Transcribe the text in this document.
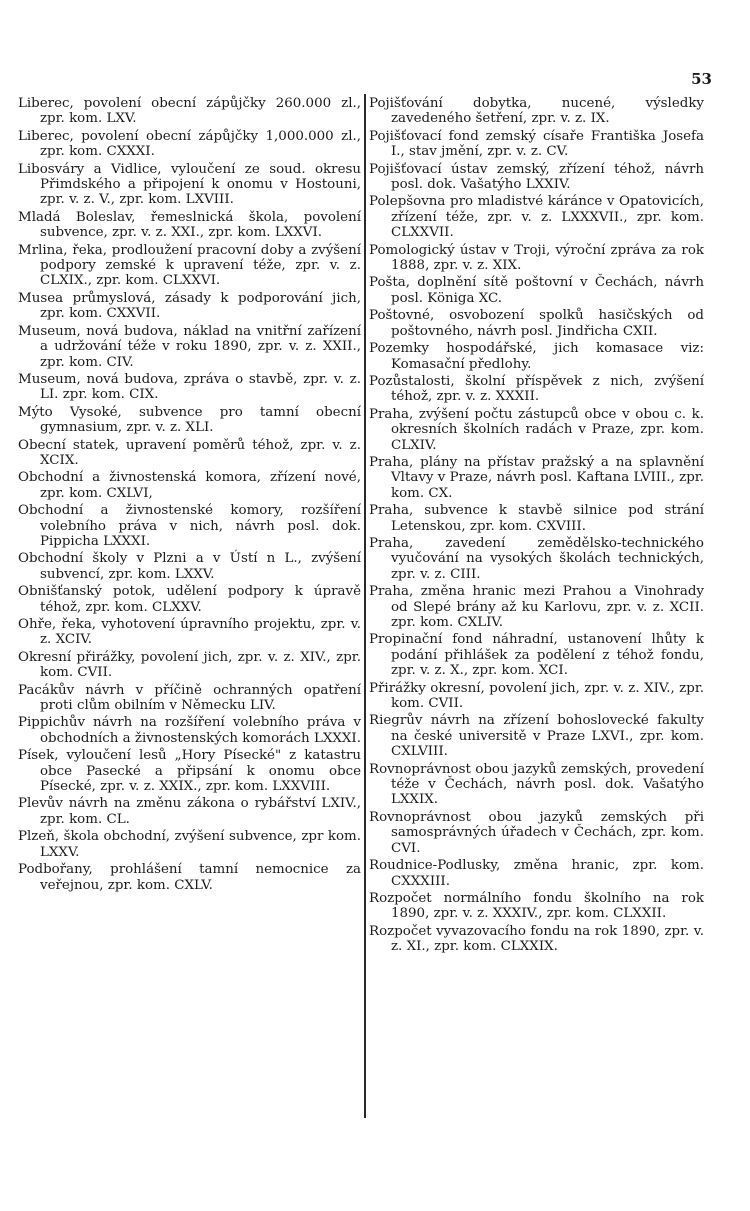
53

Liberec, povolení obecní zápůjčky 260.000 zl., zpr. kom. LXV.

Liberec, povolení obecní zápůjčky 1,000.000 zl., zpr. kom. CXXXI.

Libosváry a Vidlice, vyloučení ze soud. okresu Přimdského a připojení k onomu v Hostouni, zpr. v. z. V., zpr. kom. LXVIII.

Mladá Boleslav, řemeslnická škola, povolení subvence, zpr. v. z. XXI., zpr. kom. LXXVI.

Mrlina, řeka, prodloužení pracovní doby a zvýšení podpory zemské k upravení téže, zpr. v. z. CLXIX., zpr. kom. CLXXVI.

Musea průmyslová, zásady k podporování jich, zpr. kom. CXXVII.

Museum, nová budova, náklad na vnitřní zařízení a udržování téže v roku 1890, zpr. v. z. XXII., zpr. kom. CIV.

Museum, nová budova, zpráva o stavbě, zpr. v. z. LI. zpr. kom. CIX.

Mýto Vysoké, subvence pro tamní obecní gymnasium, zpr. v. z. XLI.

Obecní statek, upravení poměrů téhož, zpr. v. z. XCIX.

Obchodní a živnostenská komora, zřízení nové, zpr. kom. CXLVI,

Obchodní a živnostenské komory, rozšíření volebního práva v nich, návrh posl. dok. Pippicha LXXXI.

Obchodní školy v Plzni a v Ústí n L., zvýšení subvencí, zpr. kom. LXXV.

Obnišťanský potok, udělení podpory k úpravě téhož, zpr. kom. CLXXV.

Ohře, řeka, vyhotovení úpravního projektu, zpr. v. z. XCIV.

Okresní přirážky, povolení jich, zpr. v. z. XIV., zpr. kom. CVII.

Pacákův návrh v příčině ochranných opatření proti clům obilním v Německu LIV.

Pippichův návrh na rozšíření volebního práva v obchodních a živnostenských komorách LXXXI.

Písek, vyloučení lesů „Hory Písecké" z katastru obce Pasecké a připsání k onomu obce Písecké, zpr. v. z. XXIX., zpr. kom. LXXVIII.

Plevův návrh na změnu zákona o rybářství LXIV., zpr. kom. CL.

Plzeň, škola obchodní, zvýšení subvence, zpr kom. LXXV.

Podbořany, prohlášení tamní nemocnice za veřejnou, zpr. kom. CXLV.

Pojišťování dobytka, nucené, výsledky zavedeného šetření, zpr. v. z. IX.

Pojišťovací fond zemský císaře Františka Josefa I., stav jmění, zpr. v. z. CV.

Pojišťovací ústav zemský, zřízení téhož, návrh posl. dok. Vašatýho LXXIV.

Polepšovna pro mladistvé káránce v Opatovicích, zřízení téže, zpr. v. z. LXXXVII., zpr. kom. CLXXVII.

Pomologický ústav v Troji, výroční zpráva za rok 1888, zpr. v. z. XIX.

Pošta, doplnění sítě poštovní v Čechách, návrh posl. Königa XC.

Poštovné, osvobození spolků hasičských od poštovného, návrh posl. Jindřicha CXII.

Pozemky hospodářské, jich komasace viz: Komasační předlohy.

Pozůstalosti, školní příspěvek z nich, zvýšení téhož, zpr. v. z. XXXII.

Praha, zvýšení počtu zástupců obce v obou c. k. okresních školních radách v Praze, zpr. kom. CLXIV.

Praha, plány na přístav pražský a na splavnění Vltavy v Praze, návrh posl. Kaftana LVIII., zpr. kom. CX.

Praha, subvence k stavbě silnice pod strání Letenskou, zpr. kom. CXVIII.

Praha, zavedení zemědělsko-technického vyučování na vysokých školách technických, zpr. v. z. CIII.

Praha, změna hranic mezi Prahou a Vinohrady od Slepé brány až ku Karlovu, zpr. v. z. XCII. zpr. kom. CXLIV.

Propinační fond náhradní, ustanovení lhůty k podání přihlášek za podělení z téhož fondu, zpr. v. z. X., zpr. kom. XCI.

Přirážky okresní, povolení jich, zpr. v. z. XIV., zpr. kom. CVII.

Riegrův návrh na zřízení bohoslovecké fakulty na české universitě v Praze LXVI., zpr. kom. CXLVIII.

Rovnoprávnost obou jazyků zemských, provedení téže v Čechách, návrh posl. dok. Vašatýho LXXIX.

Rovnoprávnost obou jazyků zemských při samosprávných úřadech v Čechách, zpr. kom. CVI.

Roudnice-Podlusky, změna hranic, zpr. kom. CXXXIII.

Rozpočet normálního fondu školního na rok 1890, zpr. v. z. XXXIV., zpr. kom. CLXXII.

Rozpočet vyvazovacího fondu na rok 1890, zpr. v. z. XI., zpr. kom. CLXXIX.
